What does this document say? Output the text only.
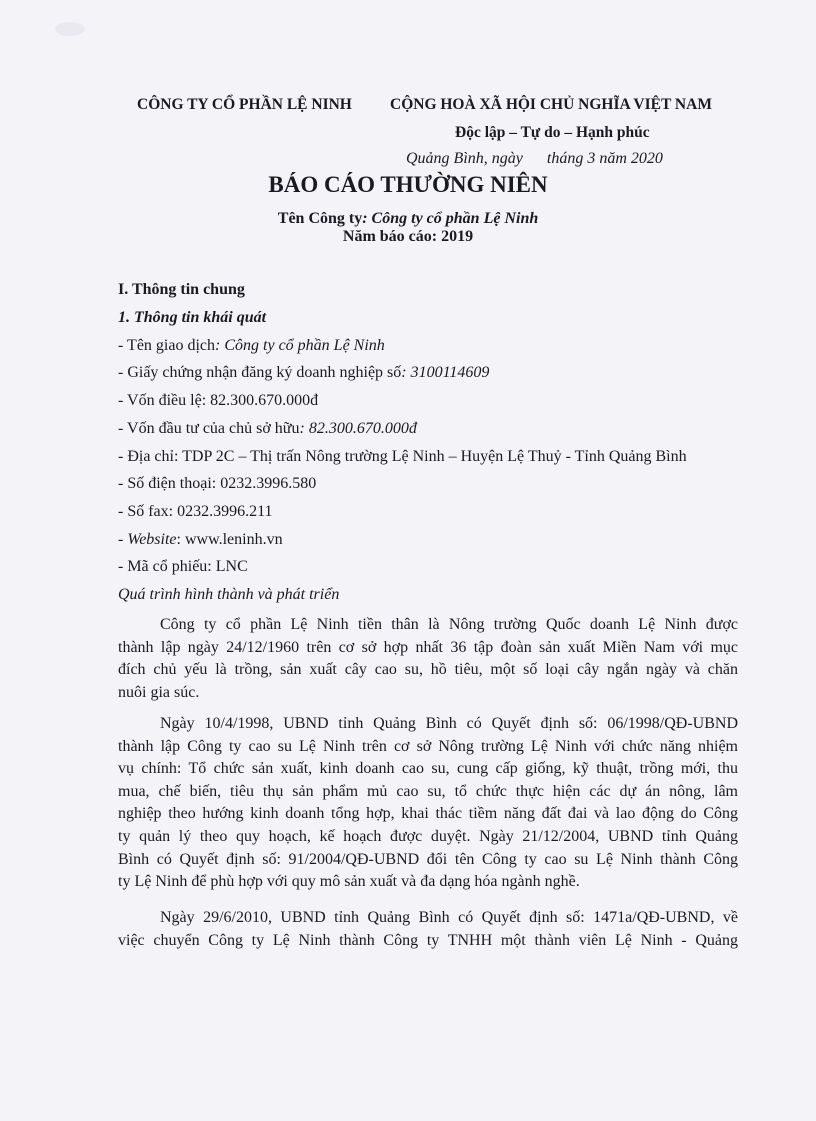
CÔNG TY CỔ PHẦN LỆ NINH CỘNG HOÀ XÃ HỘI CHỦ NGHĨA VIỆT NAM
Độc lập – Tự do – Hạnh phúc
Quảng Bình, ngày      tháng 3 năm 2020
BÁO CÁO THƯỜNG NIÊN
Tên Công ty: Công ty cổ phần Lệ Ninh
Năm báo cáo: 2019
I. Thông tin chung
1. Thông tin khái quát
- Tên giao dịch: Công ty cổ phần Lệ Ninh
- Giấy chứng nhận đăng ký doanh nghiệp số: 3100114609
- Vốn điều lệ: 82.300.670.000đ
- Vốn đầu tư của chủ sở hữu: 82.300.670.000đ
- Địa chỉ: TDP 2C – Thị trấn Nông trường Lệ Ninh – Huyện Lệ Thuỷ - Tỉnh Quảng Bình
- Số điện thoại: 0232.3996.580
- Số fax: 0232.3996.211
- Website: www.leninh.vn
- Mã cổ phiếu: LNC
Quá trình hình thành và phát triển
Công ty cổ phần Lệ Ninh tiền thân là Nông trường Quốc doanh Lệ Ninh được
thành lập ngày 24/12/1960 trên cơ sở hợp nhất 36 tập đoàn sản xuất Miền Nam với mục
đích chủ yếu là trồng, sản xuất cây cao su, hồ tiêu, một số loại cây ngắn ngày và chăn
nuôi gia súc.
Ngày 10/4/1998, UBND tỉnh Quảng Bình có Quyết định số: 06/1998/QĐ-UBND
thành lập Công ty cao su Lệ Ninh trên cơ sở Nông trường Lệ Ninh với chức năng nhiệm
vụ chính: Tổ chức sản xuất, kinh doanh cao su, cung cấp giống, kỹ thuật, trồng mới, thu
mua, chế biến, tiêu thụ sản phẩm mủ cao su, tổ chức thực hiện các dự án nông, lâm
nghiệp theo hướng kinh doanh tổng hợp, khai thác tiềm năng đất đai và lao động do Công
ty quản lý theo quy hoạch, kế hoạch được duyệt. Ngày 21/12/2004, UBND tỉnh Quảng
Bình có Quyết định số: 91/2004/QĐ-UBND đổi tên Công ty cao su Lệ Ninh thành Công
ty Lệ Ninh để phù hợp với quy mô sản xuất và đa dạng hóa ngành nghề.
Ngày 29/6/2010, UBND tỉnh Quảng Bình có Quyết định số: 1471a/QĐ-UBND, về
việc chuyển Công ty Lệ Ninh thành Công ty TNHH một thành viên Lệ Ninh - Quảng
